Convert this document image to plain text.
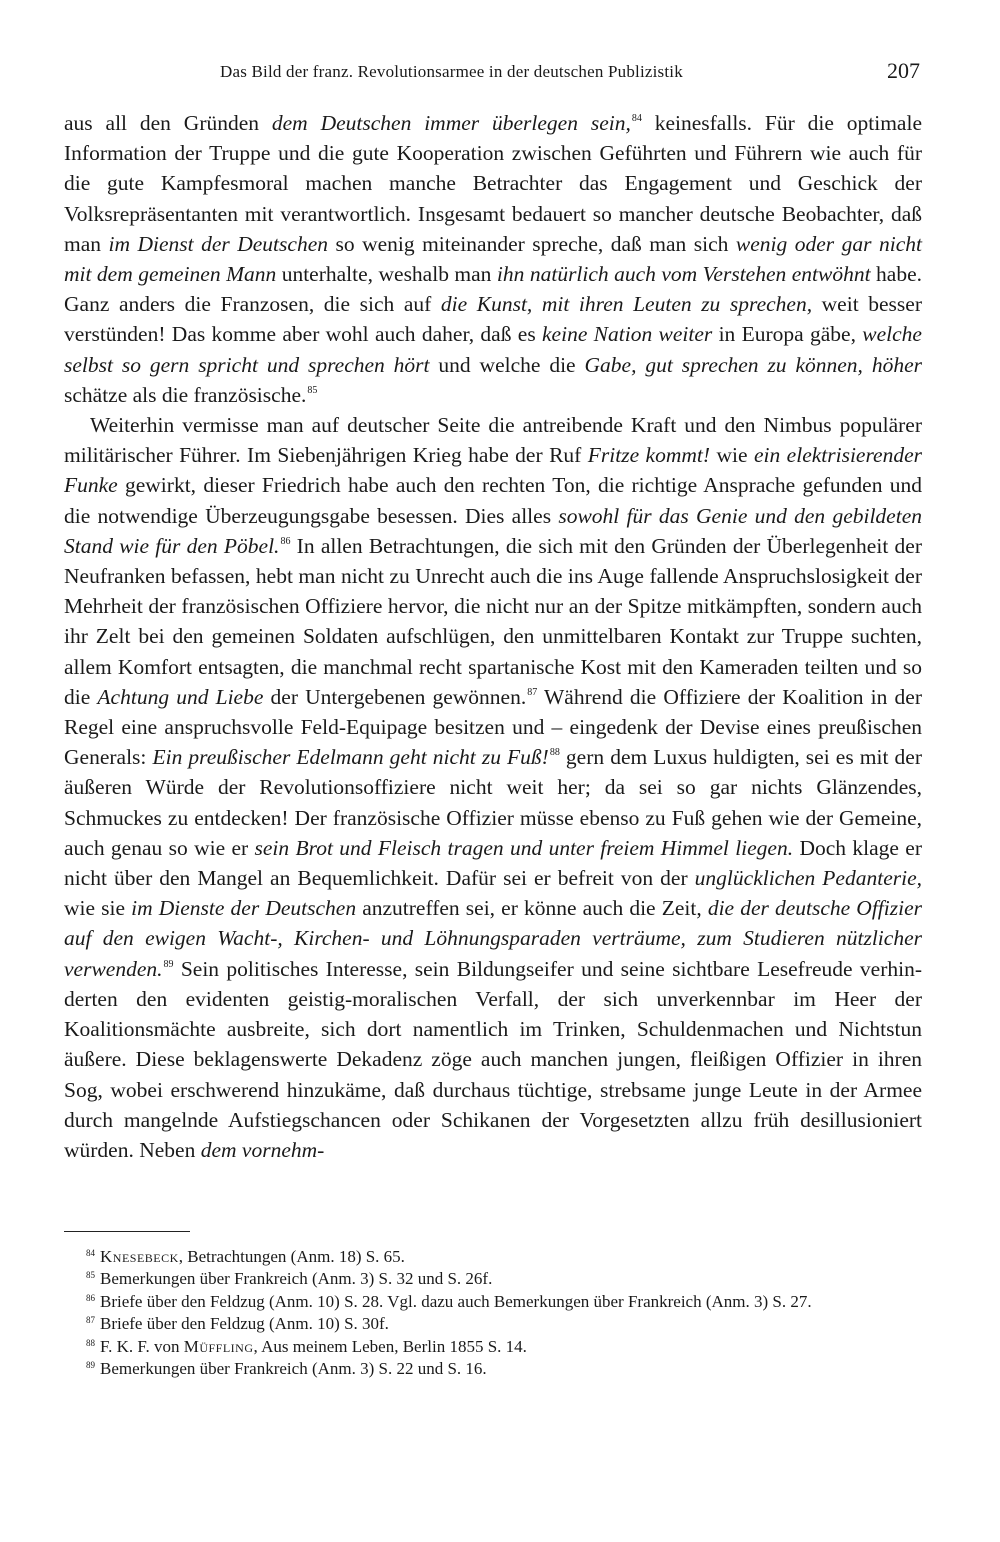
Das Bild der franz. Revolutionsarmee in der deutschen Publizistik	207

aus all den Gründen dem Deutschen immer überlegen sein,$^{84}$ keinesfalls. Für die optimale Information der Truppe und die gute Kooperation zwischen Geführten und Führern wie auch für die gute Kampfesmoral machen manche Betrachter das Engagement und Geschick der Volksrepräsentanten mit verantwortlich. Insgesamt bedauert so mancher deutsche Beobachter, daß man im Dienst der Deutschen so wenig miteinander spreche, daß man sich wenig oder gar nicht mit dem gemeinen Mann unterhalte, weshalb man ihn natürlich auch vom Verstehen entwöhnt habe. Ganz anders die Franzosen, die sich auf die Kunst, mit ihren Leuten zu sprechen, weit besser verstünden! Das komme aber wohl auch daher, daß es keine Nation weiter in Europa gäbe, welche selbst so gern spricht und sprechen hört und welche die Gabe, gut sprechen zu können, höher schätze als die französische.$^{85}$

Weiterhin vermisse man auf deutscher Seite die antreibende Kraft und den Nimbus populärer militärischer Führer. Im Siebenjährigen Krieg habe der Ruf Fritze kommt! wie ein elektrisierender Funke gewirkt, dieser Friedrich habe auch den rechten Ton, die richtige Ansprache gefunden und die notwendige Überzeugungsgabe besessen. Dies alles sowohl für das Genie und den gebildeten Stand wie für den Pöbel.$^{86}$ In allen Betrachtungen, die sich mit den Gründen der Überlegenheit der Neufranken befassen, hebt man nicht zu Unrecht auch die ins Auge fallende Anspruchslosigkeit der Mehrheit der französischen Offiziere hervor, die nicht nur an der Spitze mitkämpften, sondern auch ihr Zelt bei den gemeinen Soldaten aufschlügen, den unmittelbaren Kontakt zur Truppe suchten, allem Komfort entsagten, die manchmal recht spartanische Kost mit den Kameraden teilten und so die Achtung und Liebe der Untergebenen gewönnen.$^{87}$ Während die Offiziere der Koalition in der Regel eine anspruchsvolle Feld-Equipage besitzen und – eingedenk der Devise eines preußischen Generals: Ein preußischer Edelmann geht nicht zu Fuß!$^{88}$ gern dem Luxus huldigten, sei es mit der äußeren Würde der Revolutionsoffiziere nicht weit her; da sei so gar nichts Glänzendes, Schmuckes zu entdecken! Der französische Offizier müsse ebenso zu Fuß gehen wie der Gemeine, auch genau so wie er sein Brot und Fleisch tragen und unter freiem Himmel liegen. Doch klage er nicht über den Mangel an Bequemlichkeit. Dafür sei er befreit von der unglücklichen Pedanterie, wie sie im Dienste der Deutschen anzutreffen sei, er könne auch die Zeit, die der deutsche Offizier auf den ewigen Wacht-, Kirchen- und Löhnungsparaden verträume, zum Studieren nützlicher verwenden.$^{89}$ Sein politisches Interesse, sein Bildungseifer und seine sichtbare Lesefreude verhinderten den evidenten geistig-moralischen Verfall, der sich unverkennbar im Heer der Koalitionsmächte ausbreite, sich dort namentlich im Trinken, Schuldenmachen und Nichtstun äußere. Diese beklagenswerte Dekadenz zöge auch manchen jungen, fleißigen Offizier in ihren Sog, wobei erschwerend hinzukäme, daß durchaus tüchtige, strebsame junge Leute in der Armee durch mangelnde Aufstiegschancen oder Schikanen der Vorgesetzten allzu früh desillusioniert würden. Neben dem vornehm-

$^{84}$ Knesebeck, Betrachtungen (Anm. 18) S. 65.
$^{85}$ Bemerkungen über Frankreich (Anm. 3) S. 32 und S. 26f.
$^{86}$ Briefe über den Feldzug (Anm. 10) S. 28. Vgl. dazu auch Bemerkungen über Frankreich (Anm. 3) S. 27.
$^{87}$ Briefe über den Feldzug (Anm. 10) S. 30f.
$^{88}$ F. K. F. von Müffling, Aus meinem Leben, Berlin 1855 S. 14.
$^{89}$ Bemerkungen über Frankreich (Anm. 3) S. 22 und S. 16.
